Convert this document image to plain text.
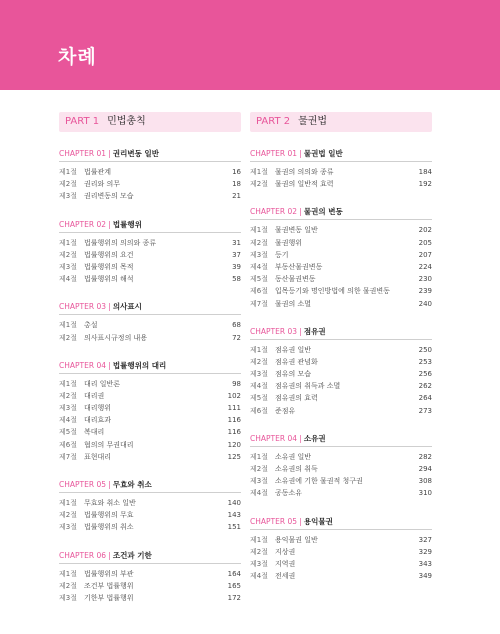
차례
PART 1 민법총칙
CHAPTER 01 | 권리변동 일반
제1절	법률관계	16
제2절	권리와 의무	18
제3절	권리변동의 모습	21
CHAPTER 02 | 법률행위
제1절	법률행위의 의의와 종류	31
제2절	법률행위의 요건	37
제3절	법률행위의 목적	39
제4절	법률행위의 해석	58
CHAPTER 03 | 의사표시
제1절	총설	68
제2절	의사표시규정의 내용	72
CHAPTER 04 | 법률행위의 대리
제1절	대리 일반론	98
제2절	대리권	102
제3절	대리행위	111
제4절	대리효과	116
제5절	복대리	116
제6절	협의의 무권대리	120
제7절	표현대리	125
CHAPTER 05 | 무효와 취소
제1절	무효와 취소 일반	140
제2절	법률행위의 무효	143
제3절	법률행위의 취소	151
CHAPTER 06 | 조건과 기한
제1절	법률행위의 부관	164
제2절	조건부 법률행위	165
제3절	기한부 법률행위	172
PART 2 물권법
CHAPTER 01 | 물권법 일반
제1절	물권의 의의와 종류	184
제2절	물권의 일반적 효력	192
CHAPTER 02 | 물권의 변동
제1절	물권변동 일반	202
제2절	물권행위	205
제3절	등기	207
제4절	부동산물권변동	224
제5절	동산물권변동	230
제6절	입목등기와 명인방법에 의한 물권변동	239
제7절	물권의 소멸	240
CHAPTER 03 | 점유권
제1절	점유권 일반	250
제2절	점유권 관념화	253
제3절	점유의 모습	256
제4절	점유권의 취득과 소멸	262
제5절	점유권의 효력	264
제6절	준점유	273
CHAPTER 04 | 소유권
제1절	소유권 일반	282
제2절	소유권의 취득	294
제3절	소유권에 기한 물권적 청구권	308
제4절	공동소유	310
CHAPTER 05 | 용익물권
제1절	용익물권 일반	327
제2절	지상권	329
제3절	지역권	343
제4절	전세권	349
